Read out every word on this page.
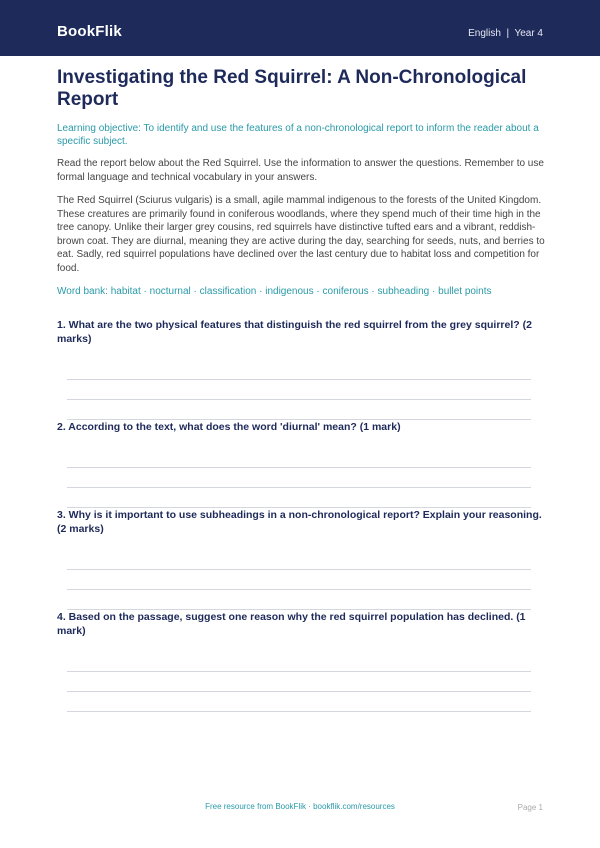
BookFlik	English  |  Year 4
Investigating the Red Squirrel: A Non-Chronological Report

Learning objective: To identify and use the features of a non-chronological report to inform the reader about a specific subject.

Read the report below about the Red Squirrel. Use the information to answer the questions. Remember to use formal language and technical vocabulary in your answers.

The Red Squirrel (Sciurus vulgaris) is a small, agile mammal indigenous to the forests of the United Kingdom. These creatures are primarily found in coniferous woodlands, where they spend much of their time high in the tree canopy. Unlike their larger grey cousins, red squirrels have distinctive tufted ears and a vibrant, reddish-brown coat. They are diurnal, meaning they are active during the day, searching for seeds, nuts, and berries to eat. Sadly, red squirrel populations have declined over the last century due to habitat loss and competition for food.

Word bank: habitat · nocturnal · classification · indigenous · coniferous · subheading · bullet points

1. What are the two physical features that distinguish the red squirrel from the grey squirrel? (2 marks)
2. According to the text, what does the word 'diurnal' mean? (1 mark)
3. Why is it important to use subheadings in a non-chronological report? Explain your reasoning. (2 marks)
4. Based on the passage, suggest one reason why the red squirrel population has declined. (1 mark)
Free resource from BookFlik · bookflik.com/resources	Page 1
